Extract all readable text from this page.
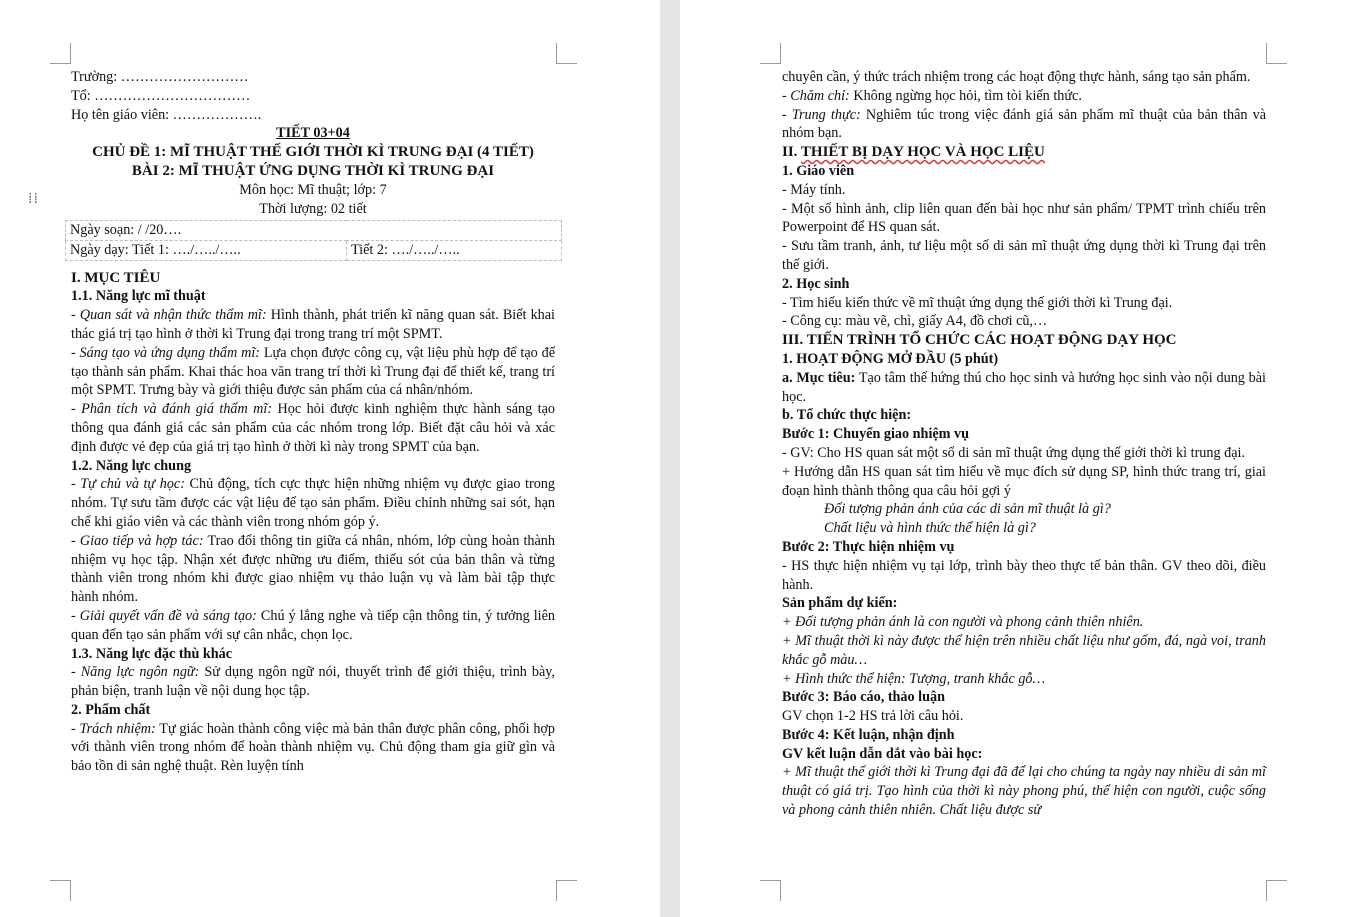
⁞⁞

Trường: ………………………

Tổ: ……………………………

Họ tên giáo viên: ……………….

TIẾT 03+04

CHỦ ĐỀ 1: MĨ THUẬT THẾ GIỚI THỜI KÌ TRUNG ĐẠI (4 TIẾT)

BÀI 2: MĨ THUẬT ỨNG DỤNG THỜI KÌ TRUNG ĐẠI

Môn học: Mĩ thuật; lớp: 7

Thời lượng: 02 tiết

Ngày soạn: / /20….
Ngày dạy: Tiết 1: …./…../…..	Tiết 2: …./…../…..

I. MỤC TIÊU

1.1. Năng lực mĩ thuật

- Quan sát và nhận thức thẩm mĩ: Hình thành, phát triển kĩ năng quan sát. Biết khai thác giá trị tạo hình ở thời kì Trung đại trong trang trí một SPMT.

- Sáng tạo và ứng dụng thẩm mĩ: Lựa chọn được công cụ, vật liệu phù hợp để tạo để tạo thành sản phẩm. Khai thác hoa văn trang trí thời kì Trung đại để thiết kế, trang trí một SPMT. Trưng bày và giới thiệu được sản phẩm của cá nhân/nhóm.

- Phân tích và đánh giá thẩm mĩ: Học hỏi được kinh nghiệm thực hành sáng tạo thông qua đánh giá các sản phẩm của các nhóm trong lớp. Biết đặt câu hỏi và xác định được vẻ đẹp của giá trị tạo hình ở thời kì này trong SPMT của bạn.

1.2. Năng lực chung

- Tự chủ và tự học: Chủ động, tích cực thực hiện những nhiệm vụ được giao trong nhóm. Tự sưu tầm được các vật liệu để tạo sản phẩm. Điều chỉnh những sai sót, hạn chế khi giáo viên và các thành viên trong nhóm góp ý.

- Giao tiếp và hợp tác: Trao đổi thông tin giữa cá nhân, nhóm, lớp cùng hoàn thành nhiệm vụ học tập. Nhận xét được những ưu điểm, thiếu sót của bản thân và từng thành viên trong nhóm khi được giao nhiệm vụ thảo luận vụ và làm bài tập thực hành nhóm.

- Giải quyết vấn đề và sáng tạo: Chú ý lắng nghe và tiếp cận thông tin, ý tưởng liên quan đến tạo sản phẩm với sự cân nhắc, chọn lọc.

1.3. Năng lực đặc thù khác

- Năng lực ngôn ngữ: Sử dụng ngôn ngữ nói, thuyết trình để giới thiệu, trình bày, phản biện, tranh luận về nội dung học tập.

2. Phẩm chất

- Trách nhiệm: Tự giác hoàn thành công việc mà bản thân được phân công, phối hợp với thành viên trong nhóm để hoàn thành nhiệm vụ. Chủ động tham gia giữ gìn và bảo tồn di sản nghệ thuật. Rèn luyện tính

chuyên cần, ý thức trách nhiệm trong các hoạt động thực hành, sáng tạo sản phẩm.

- Chăm chỉ: Không ngừng học hỏi, tìm tòi kiến thức.

- Trung thực: Nghiêm túc trong việc đánh giá sản phẩm mĩ thuật của bản thân và nhóm bạn.

II. THIẾT BỊ DẠY HỌC VÀ HỌC LIỆU

1. Giáo viên

- Máy tính.

- Một số hình ảnh, clip liên quan đến bài học như sản phẩm/ TPMT trình chiếu trên Powerpoint để HS quan sát.

- Sưu tầm tranh, ảnh, tư liệu một số di sản mĩ thuật ứng dụng thời kì Trung đại trên thế giới.

2. Học sinh

- Tìm hiểu kiến thức về mĩ thuật ứng dụng thế giới thời kì Trung đại.

- Công cụ: màu vẽ, chì, giấy A4, đồ chơi cũ,…

III. TIẾN TRÌNH TỔ CHỨC CÁC HOẠT ĐỘNG DẠY HỌC

1. HOẠT ĐỘNG MỞ ĐẦU (5 phút)

a. Mục tiêu: Tạo tâm thế hứng thú cho học sinh và hướng học sinh vào nội dung bài học.

b. Tổ chức thực hiện:

Bước 1: Chuyển giao nhiệm vụ

- GV: Cho HS quan sát một số di sản mĩ thuật ứng dụng thế giới thời kì trung đại.

+ Hướng dẫn HS quan sát tìm hiểu về mục đích sử dụng SP, hình thức trang trí, giai đoạn hình thành thông qua câu hỏi gợi ý

Đối tượng phản ánh của các di sản mĩ thuật là gì?

Chất liệu và hình thức thể hiện là gì?

Bước 2: Thực hiện nhiệm vụ

- HS thực hiện nhiệm vụ tại lớp, trình bày theo thực tế bản thân. GV theo dõi, điều hành.

Sản phẩm dự kiến:

+ Đối tượng phản ánh là con người và phong cảnh thiên nhiên.

+ Mĩ thuật thời kì này được thể hiện trên nhiều chất liệu như gốm, đá, ngà voi, tranh khắc gỗ màu…

+ Hình thức thể hiện: Tượng, tranh khắc gỗ…

Bước 3: Báo cáo, thảo luận

GV chọn 1-2 HS trả lời câu hỏi.

Bước 4: Kết luận, nhận định

GV kết luận dẫn dắt vào bài học:

+ Mĩ thuật thế giới thời kì Trung đại đã để lại cho chúng ta ngày nay nhiều di sản mĩ thuật có giá trị. Tạo hình của thời kì này phong phú, thể hiện con người, cuộc sống và phong cảnh thiên nhiên. Chất liệu được sử
